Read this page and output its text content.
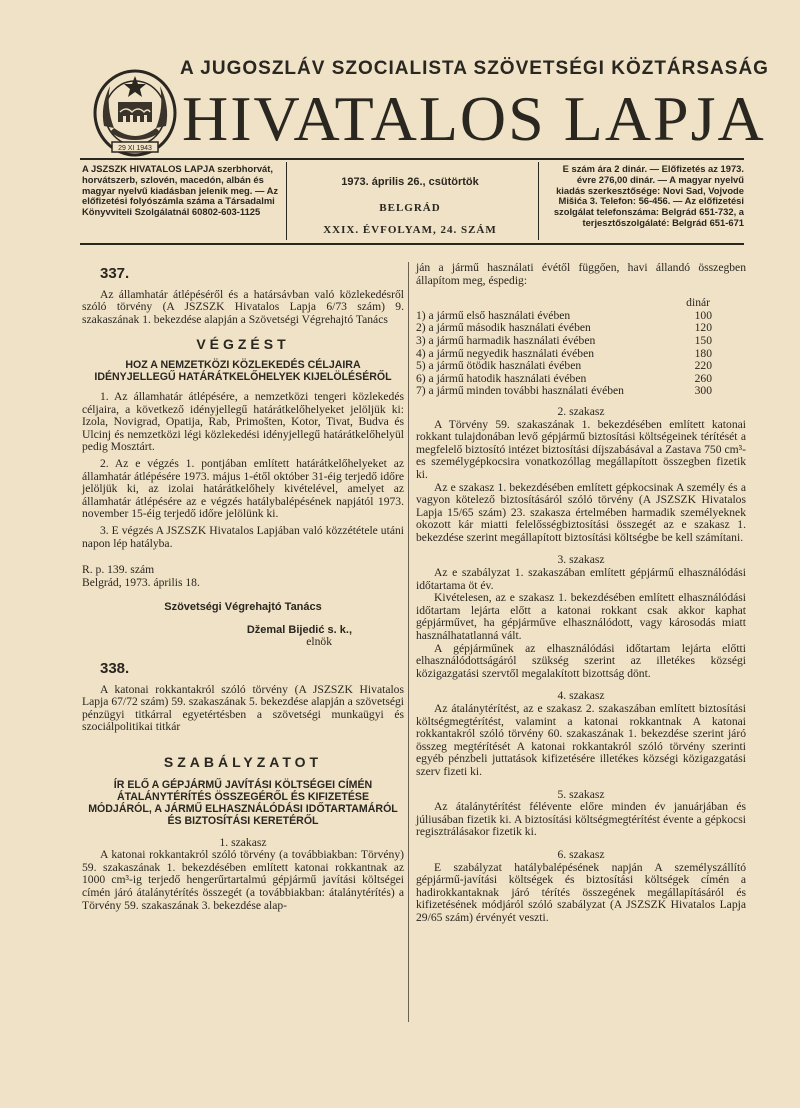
29 XI 1943
A JUGOSZLÁV SZOCIALISTA SZÖVETSÉGI KÖZTÁRSASÁG
HIVATALOS LAPJA
A JSZSZK HIVATALOS LAPJA szerbhorvát, horvátszerb, szlovén, macedón, albán és magyar nyelvű kiadásban jelenik meg. — Az előfizetési folyószámla száma a Társadalmi Könyvviteli Szolgálatnál 60802-603-1125
1973. április 26., csütörtök
BELGRÁD
XXIX. ÉVFOLYAM, 24. SZÁM
E szám ára 2 dinár. — Előfizetés az 1973. évre 276,00 dinár. — A magyar nyelvű kiadás szerkesztősége: Novi Sad, Vojvode Mišića 3. Telefon: 56-456. — Az előfizetési szolgálat telefonszáma: Belgrád 651-732, a terjesztőszolgálaté: Belgrád 651-671
337.

Az államhatár átlépéséről és a határsávban való közlekedésről szóló törvény (A JSZSZK Hivatalos Lapja 6/73 szám) 9. szakaszának 1. bekezdése alapján a Szövetségi Végrehajtó Tanács

VÉGZÉST

HOZ A NEMZETKÖZI KÖZLEKEDÉS CÉLJAIRA IDÉNYJELLEGŰ HATÁRÁTKELŐHELYEK KIJELÖLÉSÉRŐL

1. Az államhatár átlépésére, a nemzetközi tengeri közlekedés céljaira, a következő idényjellegű határátkelőhelyeket jelöljük ki: Izola, Novigrad, Opatija, Rab, Primošten, Kotor, Tivat, Budva és Ulcinj és nemzetközi légi közlekedési idényjellegű határátkelőhelyül pedig Mosztárt.

2. Az e végzés 1. pontjában említett határátkelőhelyeket az államhatár átlépésére 1973. május 1-étől október 31-éig terjedő időre jelöljük ki, az izolai határátkelőhely kivételével, amelyet az államhatár átlépésére az e végzés hatálybalépésének napjától 1973. november 15-éig terjedő időre jelölünk ki.

3. E végzés A JSZSZK Hivatalos Lapjában való közzététele utáni napon lép hatályba.

R. p. 139. szám

Belgrád, 1973. április 18.

Szövetségi Végrehajtó Tanács

Džemal Bijedić s. k.,

elnök

338.

A katonai rokkantakról szóló törvény (A JSZSZK Hivatalos Lapja 67/72 szám) 59. szakaszának 5. bekezdése alapján a szövetségi pénzügyi titkárral egyetértésben a szövetségi munkaügyi és szociálpolitikai titkár

SZABÁLYZATOT

ÍR ELŐ A GÉPJÁRMŰ JAVÍTÁSI KÖLTSÉGEI CÍMÉN ÁTALÁNYTÉRÍTÉS ÖSSZEGÉRŐL ÉS KIFIZETÉSE MÓDJÁRÓL, A JÁRMŰ ELHASZNÁLÓDÁSI IDŐTARTAMÁRÓL ÉS BIZTOSÍTÁSI KERETÉRŐL

1. szakasz

A katonai rokkantakról szóló törvény (a továbbiakban: Törvény) 59. szakaszának 1. bekezdésében említett katonai rokkantnak az 1000 cm³-ig terjedő hengerűrtartalmú gépjármű javítási költségei címén járó átalánytérítés összegét (a továbbiakban: átalánytérítés) a Törvény 59. szakaszának 3. bekezdése alap-

ján a jármű használati évétől függően, havi állandó összegben állapítom meg, éspedig:

dinár

1) a jármű első használati évében	100
2) a jármű második használati évében	120
3) a jármű harmadik használati évében	150
4) a jármű negyedik használati évében	180
5) a jármű ötödik használati évében	220
6) a jármű hatodik használati évében	260
7) a jármű minden további használati évében	300

2. szakasz

A Törvény 59. szakaszának 1. bekezdésében említett katonai rokkant tulajdonában levő gépjármű biztosítási költségeinek térítését a megfelelő biztosító intézet biztosítási díjszabásával a Zastava 750 cm³-es személygépkocsira vonatkozóllag megállapított összegben fizetik ki.

Az e szakasz 1. bekezdésében említett gépkocsinak A személy és a vagyon kötelező biztosításáról szóló törvény (A JSZSZK Hivatalos Lapja 15/65 szám) 23. szakasza értelmében harmadik személyeknek okozott kár miatti felelősségbiztosítási összegét az e szakasz 1. bekezdése szerint megállapított biztosítási költségbe be kell számítani.

3. szakasz

Az e szabályzat 1. szakaszában említett gépjármű elhasználódási időtartama öt év.

Kivételesen, az e szakasz 1. bekezdésében említett elhasználódási időtartam lejárta előtt a katonai rokkant csak akkor kaphat gépjárművet, ha gépjárműve elhasználódott, vagy károsodás miatt használhatatlanná vált.

A gépjárműnek az elhasználódási időtartam lejárta előtti elhasználódottságáról szükség szerint az illetékes községi közigazgatási szervtől megalakított bizottság dönt.

4. szakasz

Az átalánytérítést, az e szakasz 2. szakaszában említett biztosítási költségmegtérítést, valamint a katonai rokkantnak A katonai rokkantakról szóló törvény 60. szakaszának 1. bekezdése szerint járó összeg megtérítését A katonai rokkantakról szóló törvény szerinti egyéb pénzbeli juttatások kifizetésére illetékes községi közigazgatási szerv fizeti ki.

5. szakasz

Az átalánytérítést félévente előre minden év januárjában és júliusában fizetik ki. A biztosítási költségmegtérítést évente a gépkocsi regisztrálásakor fizetik ki.

6. szakasz

E szabályzat hatálybalépésének napján A személyszállító gépjármű-javítási költségek és biztosítási költségek címén a hadirokkantaknak járó térítés összegének megállapításáról és kifizetésének módjáról szóló szabályzat (A JSZSZK Hivatalos Lapja 29/65 szám) érvényét veszti.
